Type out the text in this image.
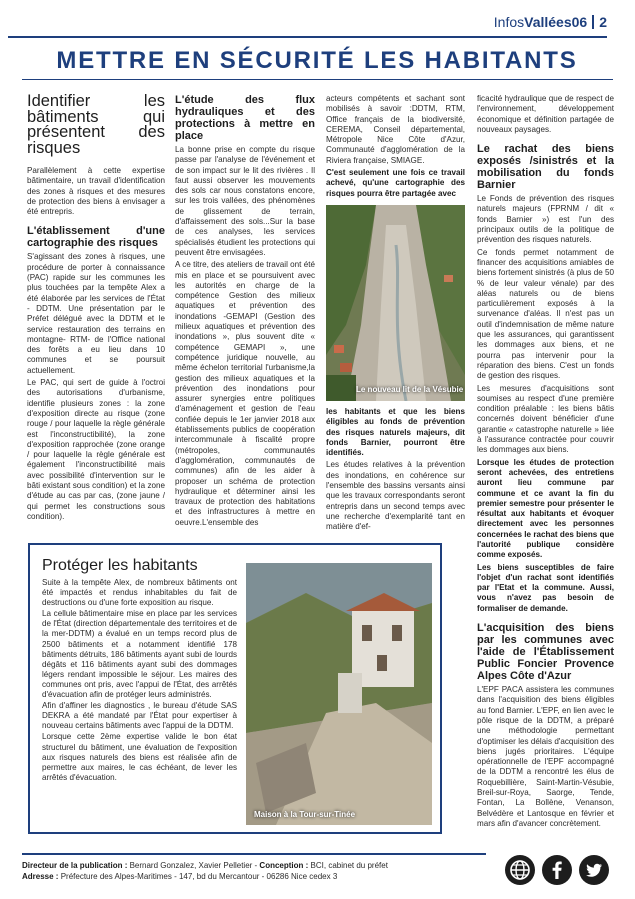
InfosVallées06 2
METTRE EN SÉCURITÉ LES HABITANTS
Identifier les bâtiments qui présentent des risques

Parallèlement à cette expertise bâtimentaire, un travail d'identification des zones à risques et des mesures de protection des biens à envisager a été entrepris.

L'établissement d'une cartographie des risques

S'agissant des zones à risques, une procédure de porter à connaissance (PAC) rapide sur les communes les plus touchées par la tempête Alex a été élaborée par les services de l'État - DDTM. Une présentation par le Préfet délégué avec la DDTM et le service restauration des terrains en montagne- RTM- de l'Office national des forêts a eu lieu dans 10 communes et se poursuit actuellement.

Le PAC, qui sert de guide à l'octroi des autorisations d'urbanisme, identifie plusieurs zones : la zone d'exposition directe au risque (zone rouge / pour laquelle la règle générale est l'inconstructibilité), la zone d'exposition rapprochée (zone orange / pour laquelle la règle générale est également l'inconstructibilité mais avec possibilité d'intervention sur le bâti existant sous condition) et la zone d'étude au cas par cas, (zone jaune / qui permet les constructions sous condition).

L'étude des flux hydrauliques et des protections à mettre en place

La bonne prise en compte du risque passe par l'analyse de l'événement et de son impact sur le lit des rivières . Il faut aussi observer les mouvements des sols car nous constatons encore, sur les trois vallées, des phénomènes de glissement de terrain, d'affaissement des sols...Sur la base de ces analyses, les services spécialisés étudient les protections qui peuvent être envisagées.

A ce titre, des ateliers de travail ont été mis en place et se poursuivent avec les autorités en charge de la compétence Gestion des milieux aquatiques et prévention des inondations -GEMAPI (Gestion des milieux aquatiques et prévention des inondations », plus souvent dite « compétence GEMAPI », une compétence juridique nouvelle, au même échelon territorial l'urbanisme,la gestion des milieux aquatiques et la prévention des inondations pour assurer synergies entre politiques d'aménagement et gestion de l'eau confiée depuis le 1er janvier 2018 aux établissements publics de coopération intercommunale à fiscalité propre (métropoles, communautés d'agglomération, communautés de communes) afin de les aider à proposer un schéma de protection hydraulique et déterminer ainsi les travaux de protection des habitations et des infrastructures à mettre en oeuvre.L'ensemble des

acteurs compétents et sachant sont mobilisés à savoir :DDTM, RTM, Office français de la biodiversité, CEREMA, Conseil départemental, Métropole Nice Côte d'Azur, Communauté d'agglomération de la Riviera française, SMIAGE.

C'est seulement une fois ce travail achevé, qu'une cartographie des risques pourra être partagée avec

Le nouveau lit de la Vésubie

les habitants et que les biens éligibles au fonds de prévention des risques naturels majeurs, dit fonds Barnier, pourront être identifiés.

Les études relatives à la prévention des inondations, en cohérence sur l'ensemble des bassins versants ainsi que les travaux correspondants seront entrepris dans un second temps avec une recherche d'exemplarité tant en matière d'ef-

ficacité hydraulique que de respect de l'environnement, développement économique et définition partagée de nouveaux paysages.

Le rachat des biens exposés /sinistrés et la mobilisation du fonds Barnier

Le Fonds de prévention des risques naturels majeurs (FPRNM / dit « fonds Barnier ») est l'un des principaux outils de la politique de prévention des risques naturels.

Ce fonds permet notamment de financer des acquisitions amiables de biens fortement sinistrés (à plus de 50 % de leur valeur vénale) par des aléas naturels ou de biens particulièrement exposés à la survenance d'aléas. Il n'est pas un outil d'indemnisation de même nature que les assurances, qui garantissent les dommages aux biens, et ne pourra pas intervenir pour la réparation des biens. C'est un fonds de gestion des risques.

Les mesures d'acquisitions sont soumises au respect d'une première condition préalable : les biens bâtis concernés doivent bénéficier d'une garantie « catastrophe naturelle » liée à l'assurance contractée pour couvrir les dommages aux biens.

Lorsque les études de protection seront achevées, des entretiens auront lieu commune par commune et ce avant la fin du premier semestre pour présenter le résultat aux habitants et évoquer directement avec les personnes concernées le rachat des biens que l'autorité publique considère comme exposés.

Les biens susceptibles de faire l'objet d'un rachat sont identifiés par l'Etat et la commune. Aussi, vous n'avez pas besoin de formaliser de demande.

L'acquisition des biens par les communes avec l'aide de l'Établissement Public Foncier Provence Alpes Côte d'Azur

L'EPF PACA assistera les communes dans l'acquisition des biens éligibles au fond Barnier. L'EPF, en lien avec le pôle risque de la DDTM, a préparé une méthodologie permettant d'optimiser les délais d'acquisition des biens jugés prioritaires. L'équipe opérationnelle de l'EPF accompagné de la DDTM a rencontré les élus de Roquebillière, Saint-Martin-Vésubie, Breil-sur-Roya, Saorge, Tende, Fontan, La Bollène, Venanson, Belvédère et Lantosque en février et mars afin d'avancer concrètement.

Protéger les habitants

Suite à la tempête Alex, de nombreux bâtiments ont été impactés et rendus inhabitables du fait de destructions ou d'une forte exposition au risque.

La cellule bâtimentaire mise en place par les services de l'État (direction départementale des territoires et de la mer-DDTM) a évalué en un temps record plus de 2500 bâtiments et a notamment identifié 178 bâtiments détruits, 186 bâtiments ayant subi de lourds dégâts et 116 bâtiments ayant subi des dommages légers rendant impossible le séjour. Les maires des communes ont pris, avec l'appui de l'État, des arrêtés d'évacuation afin de protéger leurs administrés.

Afin d'affiner les diagnostics , le bureau d'étude SAS DEKRA a été mandaté par l'État pour expertiser à nouveau certains bâtiments avec l'appui de la DDTM.

Lorsque cette 2ème expertise valide le bon état structurel du bâtiment, une évaluation de l'exposition aux risques naturels des biens est réalisée afin de permettre aux maires, le cas échéant, de lever les arrêtés d'évacuation.

Maison à la Tour-sur-Tinée
Directeur de la publication : Bernard Gonzalez, Xavier Pelletier - Conception : BCI, cabinet du préfet
Adresse : Préfecture des Alpes-Maritimes - 147, bd du Mercantour - 06286 Nice cedex 3
